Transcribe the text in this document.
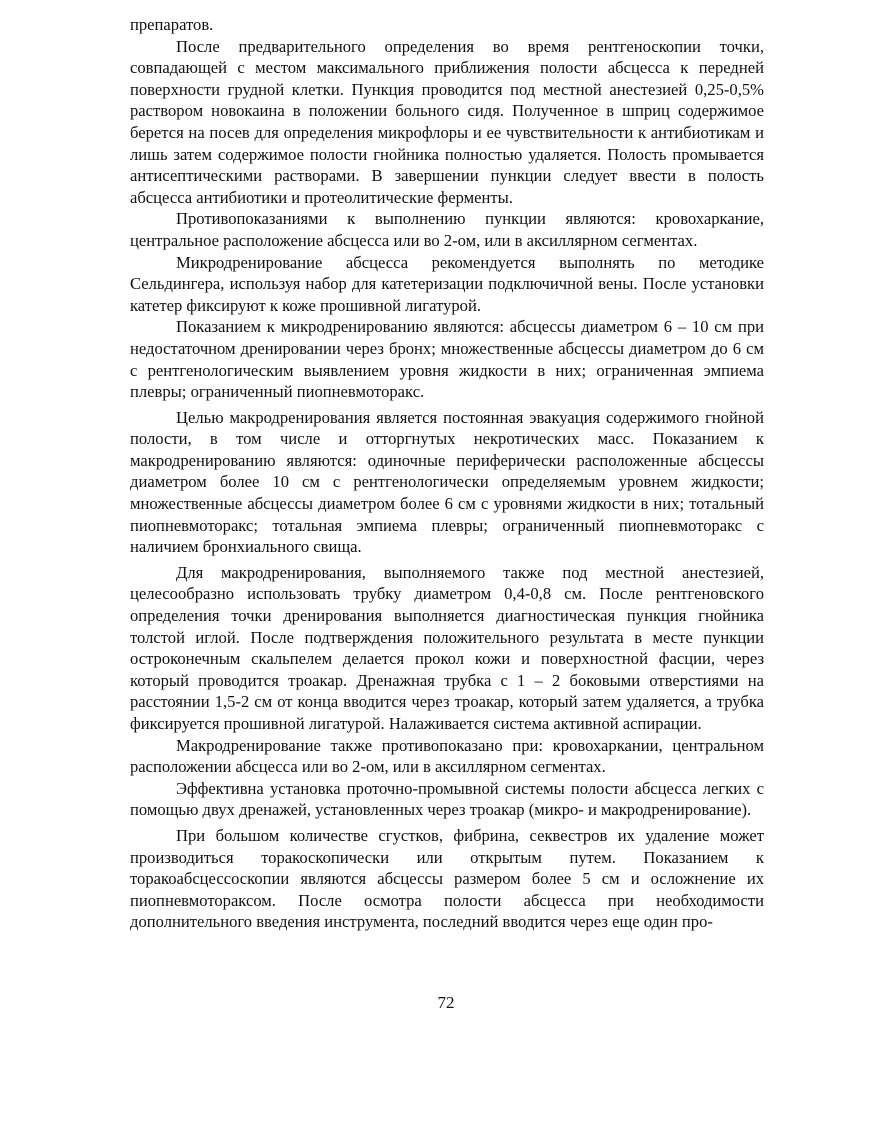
препаратов.

После предварительного определения во время рентгеноскопии точки, совпадающей с местом максимального приближения полости абсцесса к передней поверхности грудной клетки. Пункция проводится под местной анестезией 0,25-0,5% раствором новокаина в положении больного сидя. Полученное в шприц содержимое берется на посев для определения микрофлоры и ее чувствительности к антибиотикам и лишь затем содержимое полости гнойника полностью удаляется. Полость промывается антисептическими растворами. В завершении пункции следует ввести в полость абсцесса антибиотики и протеолитические ферменты.

Противопоказаниями к выполнению пункции являются: кровохаркание, центральное расположение абсцесса или во 2-ом, или в аксиллярном сегментах.

Микродренирование абсцесса рекомендуется выполнять по методике Сельдингера, используя набор для катетеризации подключичной вены. После установки катетер фиксируют к коже прошивной лигатурой.

Показанием к микродренированию являются: абсцессы диаметром 6 – 10 см при недостаточном дренировании через бронх; множественные абсцессы диаметром до 6 см с рентгенологическим выявлением уровня жидкости в них; ограниченная эмпиема плевры; ограниченный пиопневмоторакс.

Целью макродренирования является постоянная эвакуация содержимого гнойной полости, в том числе и отторгнутых некротических масс. Показанием к макродренированию являются: одиночные периферически расположенные абсцессы диаметром более 10 см с рентгенологически определяемым уровнем жидкости; множественные абсцессы диаметром более 6 см с уровнями жидкости в них; тотальный пиопневмоторакс; тотальная эмпиема плевры; ограниченный пиопневмоторакс с наличием бронхиального свища.

Для макродренирования, выполняемого также под местной анестезией, целесообразно использовать трубку диаметром 0,4-0,8 см. После рентгеновского определения точки дренирования выполняется диагностическая пункция гнойника толстой иглой. После подтверждения положительного результата в месте пункции остроконечным скальпелем делается прокол кожи и поверхностной фасции, через который проводится троакар. Дренажная трубка с 1 – 2 боковыми отверстиями на расстоянии 1,5-2 см от конца вводится через троакар, который затем удаляется, а трубка фиксируется прошивной лигатурой. Налаживается система активной аспирации.

Макродренирование также противопоказано при: кровохаркании, центральном расположении абсцесса или во 2-ом, или в аксиллярном сегментах.

Эффективна установка проточно-промывной системы полости абсцесса легких с помощью двух дренажей, установленных через троакар (микро- и макродренирование).

При большом количестве сгустков, фибрина, секвестров их удаление может производиться торакоскопически или открытым путем. Показанием к торакоабсцессоскопии являются абсцессы размером более 5 см и осложнение их пиопневмотораксом. После осмотра полости абсцесса при необходимости дополнительного введения инструмента, последний вводится через еще один про-

72
